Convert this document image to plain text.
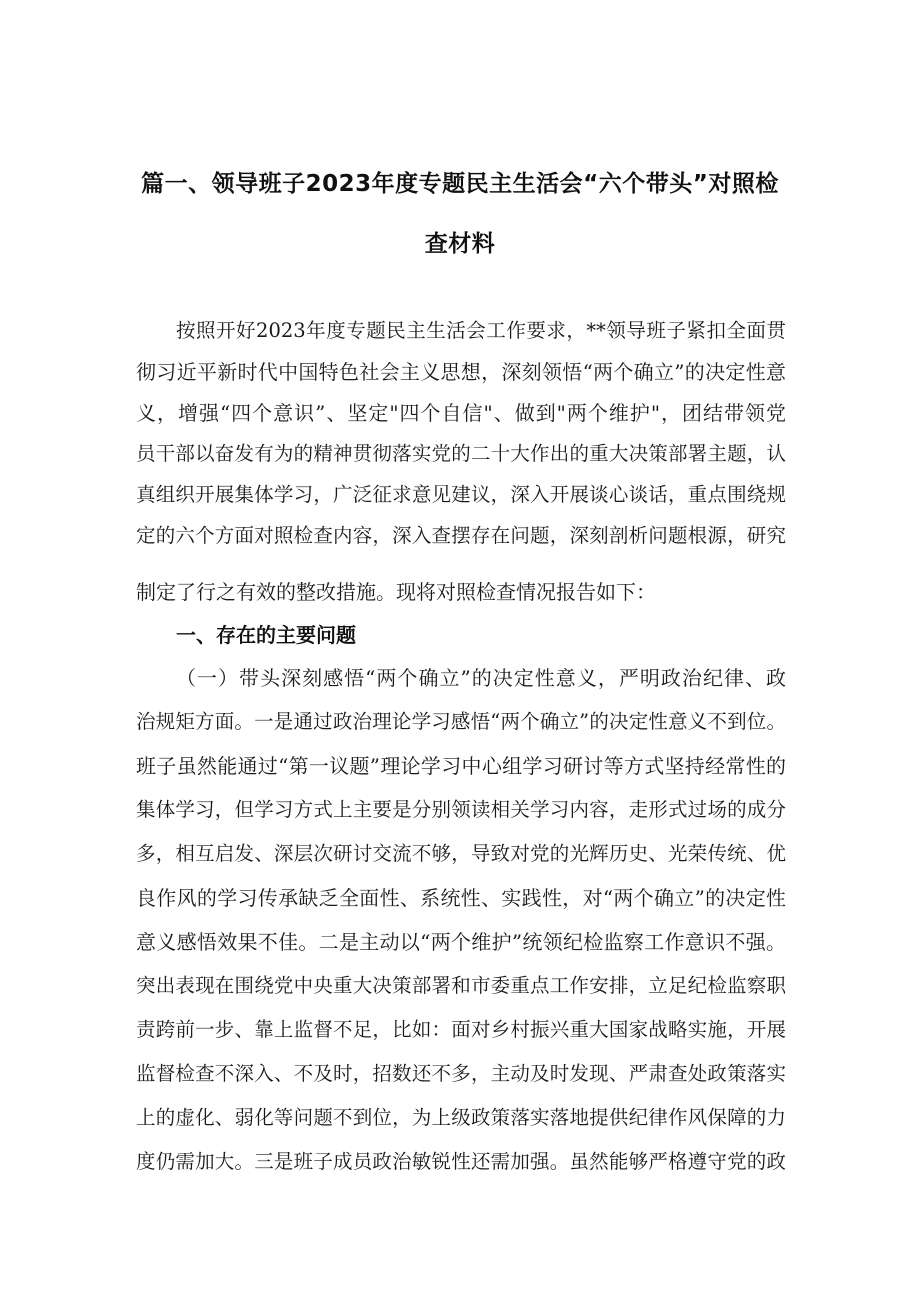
篇一、领导班子2023年度专题民主生活会“六个带头”对照检查材料
按照开好2023年度专题民主生活会工作要求，**领导班子紧扣全面贯
彻习近平新时代中国特色社会主义思想，深刻领悟“两个确立”的决定性意
义，增强“四个意识”、坚定"四个自信"、做到"两个维护"，团结带领党
员干部以奋发有为的精神贯彻落实党的二十大作出的重大决策部署主题，认
真组织开展集体学习，广泛征求意见建议，深入开展谈心谈话，重点围绕规
定的六个方面对照检查内容，深入查摆存在问题，深刻剖析问题根源，研究
制定了行之有效的整改措施。现将对照检查情况报告如下：
一、存在的主要问题
（一）带头深刻感悟“两个确立”的决定性意义，严明政治纪律、政
治规矩方面。一是通过政治理论学习感悟“两个确立”的决定性意义不到位。
班子虽然能通过“第一议题”理论学习中心组学习研讨等方式坚持经常性的
集体学习，但学习方式上主要是分别领读相关学习内容，走形式过场的成分
多，相互启发、深层次研讨交流不够，导致对党的光辉历史、光荣传统、优
良作风的学习传承缺乏全面性、系统性、实践性，对“两个确立”的决定性
意义感悟效果不佳。二是主动以“两个维护”统领纪检监察工作意识不强。
突出表现在围绕党中央重大决策部署和市委重点工作安排，立足纪检监察职
责跨前一步、靠上监督不足，比如：面对乡村振兴重大国家战略实施，开展
监督检查不深入、不及时，招数还不多，主动及时发现、严肃查处政策落实
上的虚化、弱化等问题不到位，为上级政策落实落地提供纪律作风保障的力
度仍需加大。三是班子成员政治敏锐性还需加强。虽然能够严格遵守党的政
